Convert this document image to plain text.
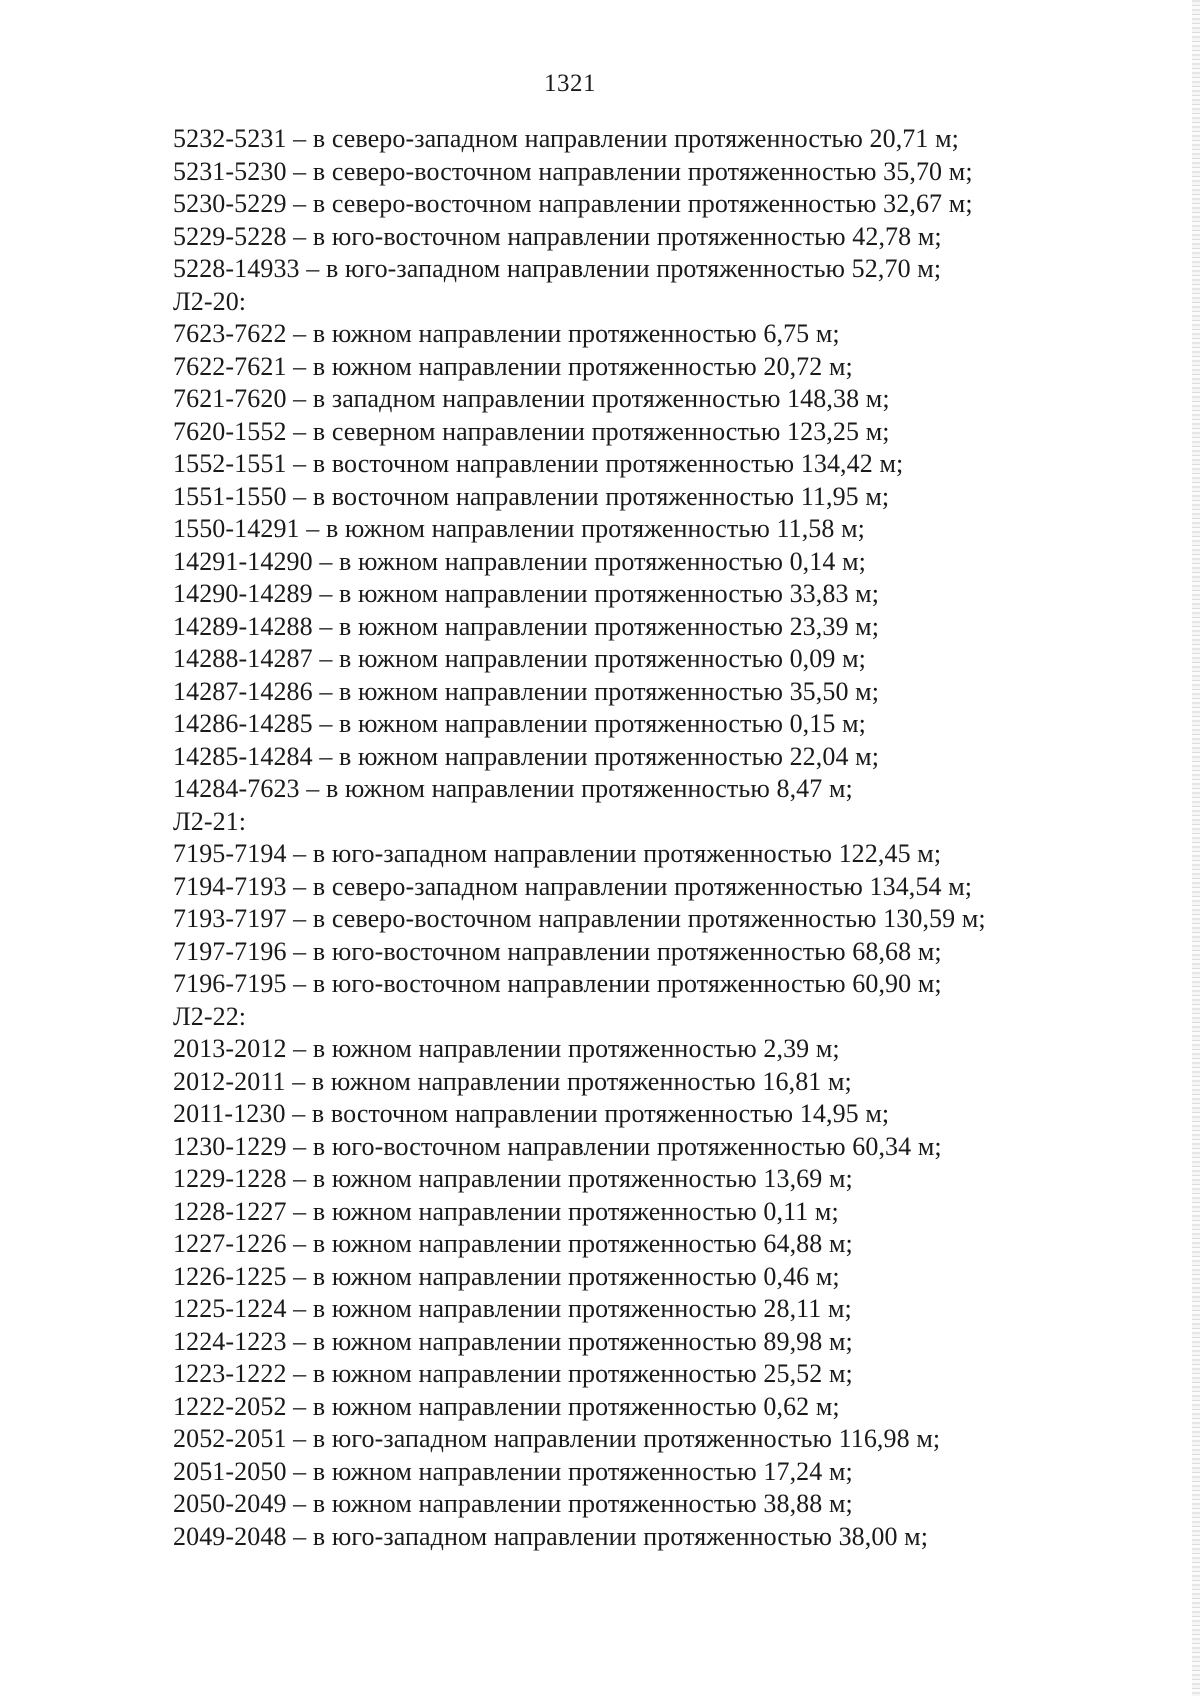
1321
5232-5231 – в северо-западном направлении протяженностью 20,71 м;
5231-5230 – в северо-восточном направлении протяженностью 35,70 м;
5230-5229 – в северо-восточном направлении протяженностью 32,67 м;
5229-5228 – в юго-восточном направлении протяженностью 42,78 м;
5228-14933 – в юго-западном направлении протяженностью 52,70 м;
Л2-20:
7623-7622 – в южном направлении протяженностью 6,75 м;
7622-7621 – в южном направлении протяженностью 20,72 м;
7621-7620 – в западном направлении протяженностью 148,38 м;
7620-1552 – в северном направлении протяженностью 123,25 м;
1552-1551 – в восточном направлении протяженностью 134,42 м;
1551-1550 – в восточном направлении протяженностью 11,95 м;
1550-14291 – в южном направлении протяженностью 11,58 м;
14291-14290 – в южном направлении протяженностью 0,14 м;
14290-14289 – в южном направлении протяженностью 33,83 м;
14289-14288 – в южном направлении протяженностью 23,39 м;
14288-14287 – в южном направлении протяженностью 0,09 м;
14287-14286 – в южном направлении протяженностью 35,50 м;
14286-14285 – в южном направлении протяженностью 0,15 м;
14285-14284 – в южном направлении протяженностью 22,04 м;
14284-7623 – в южном направлении протяженностью 8,47 м;
Л2-21:
7195-7194 – в юго-западном направлении протяженностью 122,45 м;
7194-7193 – в северо-западном направлении протяженностью 134,54 м;
7193-7197 – в северо-восточном направлении протяженностью 130,59 м;
7197-7196 – в юго-восточном направлении протяженностью 68,68 м;
7196-7195 – в юго-восточном направлении протяженностью 60,90 м;
Л2-22:
2013-2012 – в южном направлении протяженностью 2,39 м;
2012-2011 – в южном направлении протяженностью 16,81 м;
2011-1230 – в восточном направлении протяженностью 14,95 м;
1230-1229 – в юго-восточном направлении протяженностью 60,34 м;
1229-1228 – в южном направлении протяженностью 13,69 м;
1228-1227 – в южном направлении протяженностью 0,11 м;
1227-1226 – в южном направлении протяженностью 64,88 м;
1226-1225 – в южном направлении протяженностью 0,46 м;
1225-1224 – в южном направлении протяженностью 28,11 м;
1224-1223 – в южном направлении протяженностью 89,98 м;
1223-1222 – в южном направлении протяженностью 25,52 м;
1222-2052 – в южном направлении протяженностью 0,62 м;
2052-2051 – в юго-западном направлении протяженностью 116,98 м;
2051-2050 – в южном направлении протяженностью 17,24 м;
2050-2049 – в южном направлении протяженностью 38,88 м;
2049-2048 – в юго-западном направлении протяженностью 38,00 м;
